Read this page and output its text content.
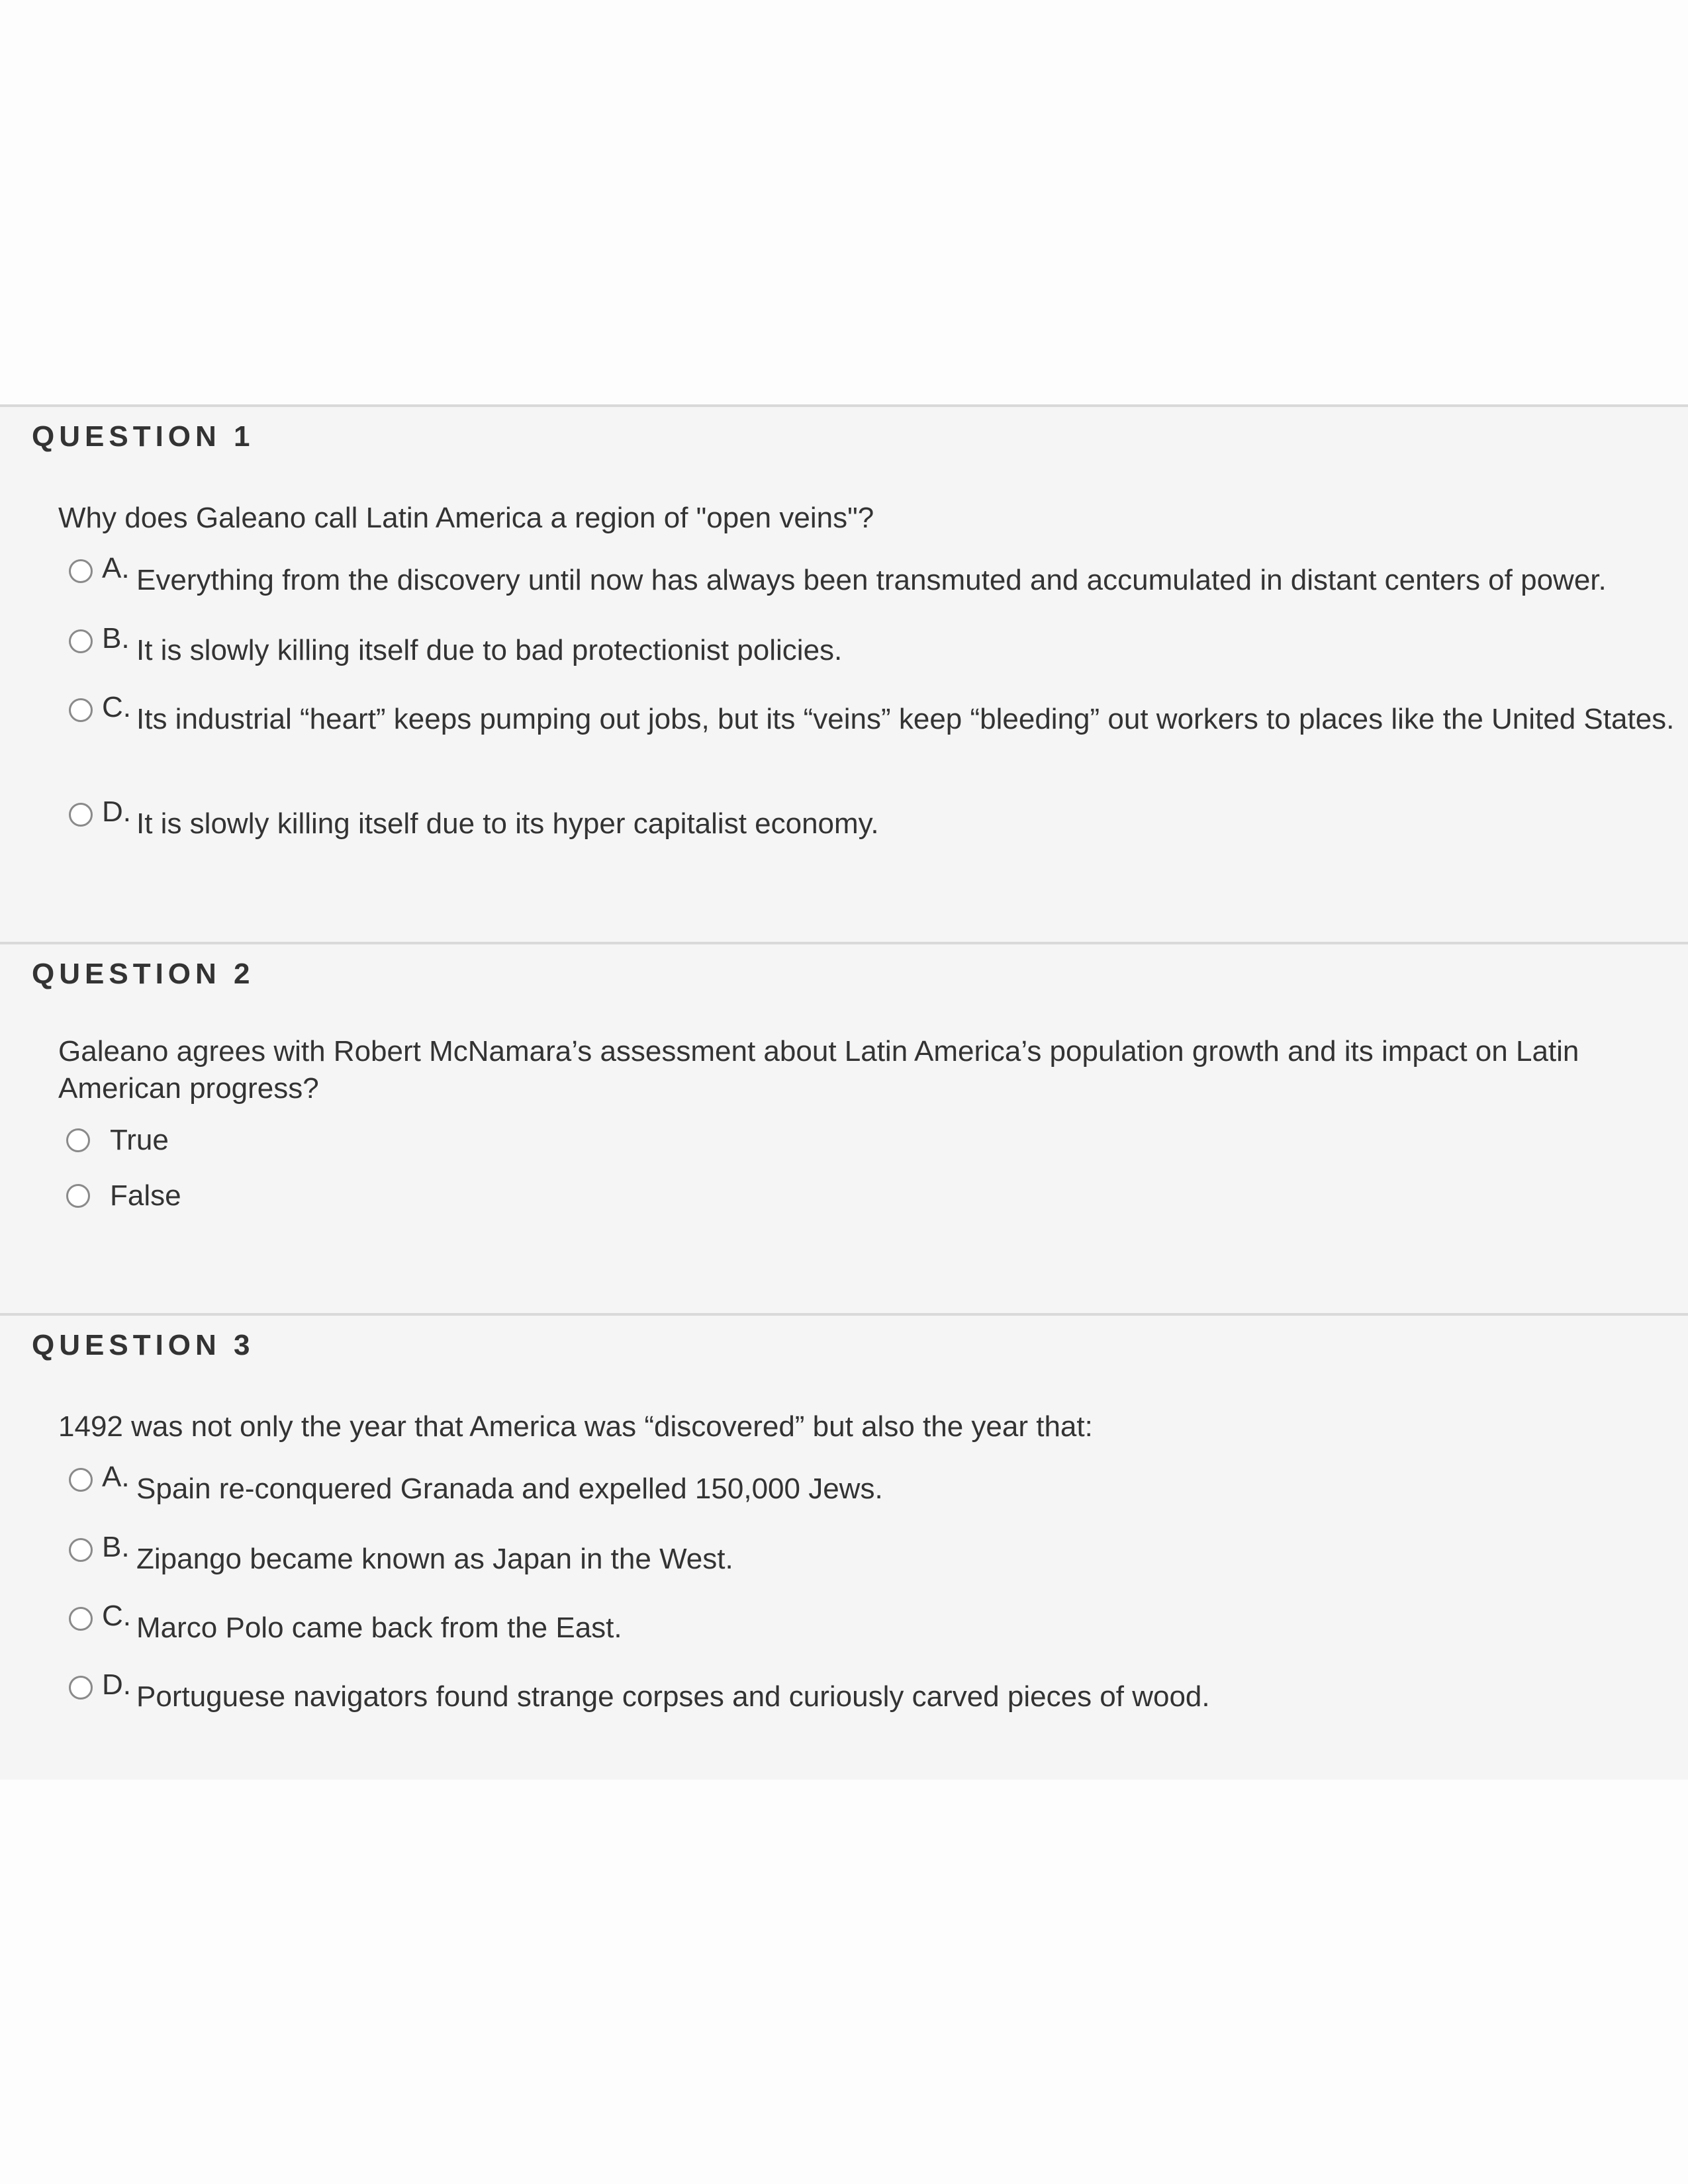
QUESTION 1
Why does Galeano call Latin America a region of "open veins"?
A. Everything from the discovery until now has always been transmuted and accumulated in distant centers of power.
B. It is slowly killing itself due to bad protectionist policies.
C. Its industrial “heart” keeps pumping out jobs, but its “veins” keep “bleeding” out workers to places like the United States.
D. It is slowly killing itself due to its hyper capitalist economy.
QUESTION 2
Galeano agrees with Robert McNamara’s assessment about Latin America’s population growth and its impact on Latin American progress?
True
False
QUESTION 3
1492 was not only the year that America was “discovered” but also the year that:
A. Spain re-conquered Granada and expelled 150,000 Jews.
B. Zipango became known as Japan in the West.
C. Marco Polo came back from the East.
D. Portuguese navigators found strange corpses and curiously carved pieces of wood.
